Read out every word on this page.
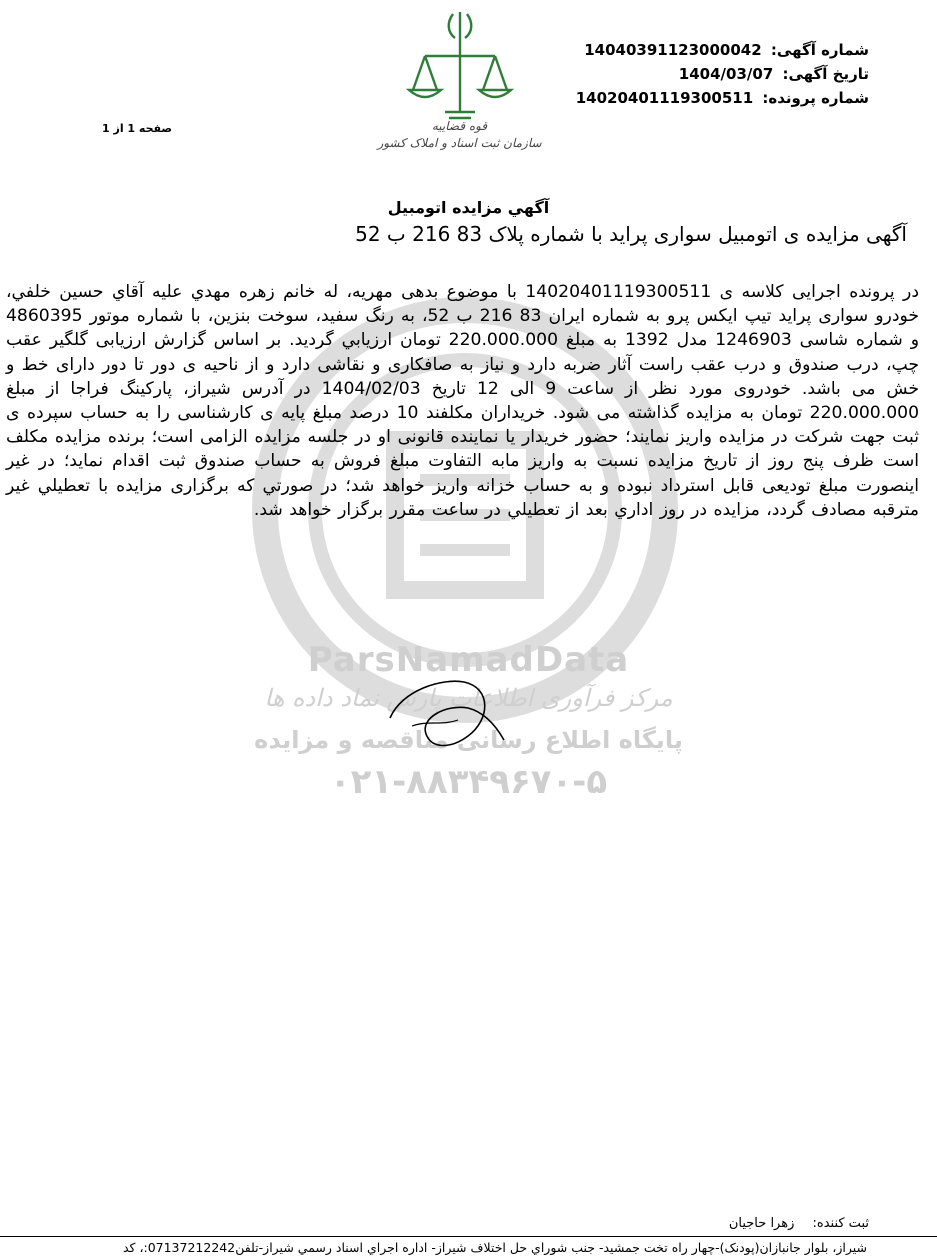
ParsNamadData
مرکز فرآوری اطلاعات پارس نماد داده ها
پایگاه اطلاع رسانی مناقصه و مزایده
۰۲۱-۸۸۳۴۹۶۷۰-۵
شماره آگهی: 14040391123000042
تاریخ آگهی: 1404/03/07
شماره پرونده: 14020401119300511
قوه قضاییه
سازمان ثبت اسناد و املاک کشور
صفحه 1 از 1
آگهي مزايده اتومبيل
آگهی مزایده ی اتومبیل سواری پراید با شماره پلاک 83 216 ب 52
در پرونده اجرایی کلاسه ی 14020401119300511 با موضوع بدهی مهریه، له خانم زهره مهدي عليه آقاي حسين خلفي، خودرو سواری پراید تیپ ایکس پرو به شماره ایران 83 216 ب 52، به رنگ سفید، سوخت بنزین، با شماره موتور 4860395 و شماره شاسی 1246903 مدل 1392 به مبلغ 220.000.000 تومان ارزيابي گرديد. بر اساس گزارش ارزیابی گلگیر عقب چپ، درب صندوق و درب عقب راست آثار ضربه دارد و نیاز به صافکاری و نقاشی دارد و از ناحیه ی دور تا دور دارای خط و خش می باشد. خودروی مورد نظر از ساعت 9 الی 12 تاریخ 1404/02/03 در آدرس شیراز، پارکینگ فراجا از مبلغ 220.000.000 تومان به مزایده گذاشته می شود. خریداران مکلفند 10 درصد مبلغ پایه ی کارشناسی را به حساب سپرده ی ثبت جهت شرکت در مزایده واریز نمایند؛ حضور خریدار یا نماینده قانونی او در جلسه مزایده الزامی است؛ برنده مزایده مکلف است ظرف پنج روز از تاریخ مزایده نسبت به واریز مابه التفاوت مبلغ فروش به حساب صندوق ثبت اقدام نماید؛ در غیر اینصورت مبلغ تودیعی قابل استرداد نبوده و به حساب خزانه واریز خواهد شد؛ در صورتي كه برگزاری مزایده با تعطيلي غير مترقبه مصادف گردد، مزايده در روز اداري بعد از تعطيلي در ساعت مقرر برگزار خواهد شد.
ثبت کننده: زهرا حاجيان
شيراز، بلوار جانبازان(پودنک)-چهار راه تخت جمشيد- جنب شوراي حل اختلاف شيراز- اداره اجراي اسناد رسمي شيراز-تلفن07137212242:، کد
